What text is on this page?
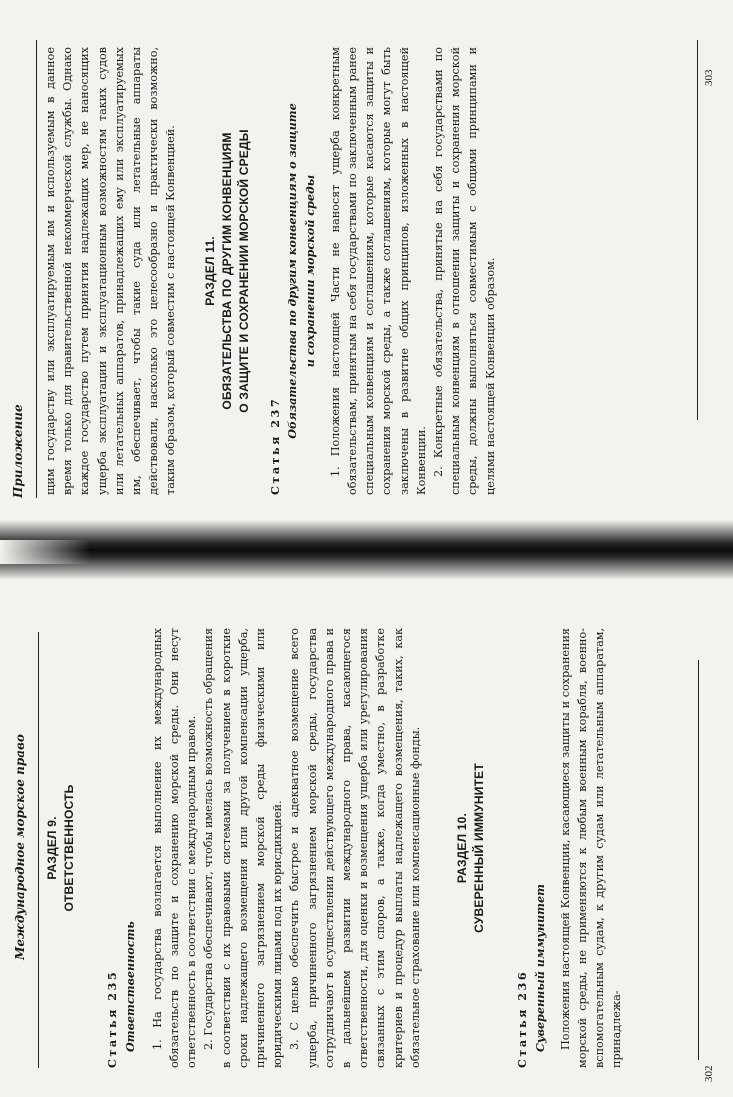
Приложение щим государству или эксплуатируемым им и используемым в данное время только для правительственной некоммерческой службы. Однако каждое государство путем принятия надлежащих мер, не наносящих ущерба эксплуатации и эксплуатационным возможностям таких судов или летательных аппаратов, принадлежащих ему или эксплуатируемых им, обеспечивает, чтобы такие суда или летательные аппараты действовали, насколько это целесообразно и практически возможно, таким образом, который совместим с настоящей Конвенцией. РАЗДЕЛ 11. ОБЯЗАТЕЛЬСТВА ПО ДРУГИМ КОНВЕНЦИЯМ О ЗАЩИТЕ И СОХРАНЕНИИ МОРСКОЙ СРЕДЫ

Статья 237

Обязательства по другим конвенциям о защите и сохранении морской среды 1. Положения настоящей Части не наносят ущерба конкретным обязательствам, принятым на себя государствами по заключенным ранее специальным конвенциям и соглашениям, которые касаются защиты и сохранения морской среды, а также соглашениям, которые могут быть заключены в развитие общих принципов, изложенных в настоящей Конвенции. 2. Конкретные обязательства, принятые на себя государствами по специальным конвенциям в отношении защиты и сохранения морской среды, должны выполняться совместимым с общими принципами и целями настоящей Конвенции образом.

303
Международное морское право РАЗДЕЛ 9. ОТВЕТСТВЕННОСТЬ

Статья 235 Ответственность 1. На государства возлагается выполнение их международных обязательств по защите и сохранению морской среды. Они несут ответственность в соответствии с международным правом. 2. Государства обеспечивают, чтобы имелась возможность обращения в соответствии с их правовыми системами за получением в короткие сроки надлежащего возмещения или другой компенсации ущерба, причиненного загрязнением морской среды физическими или юридическими лицами под их юрисдикцией. 3. С целью обеспечить быстрое и адекватное возмещение всего ущерба, причиненного загрязнением морской среды, государства сотрудничают в осуществлении действующего международного права и в дальнейшем развитии международного права, касающегося ответственности, для оценки и возмещения ущерба или урегулирования связанных с этим споров, а также, когда уместно, в разработке критериев и процедур выплаты надлежащего возмещения, таких, как обязательное страхование или компенсационные фонды.	РАЗДЕЛ 10. СУВЕРЕННЫЙ ИММУНИТЕТ

Статья 236 Суверенный иммунитет Положения настоящей Конвенции, касающиеся защиты и сохранения морской среды, не применяются к любым военным корабля, военно-вспомогательным судам, к другим судам или летательным аппаратам, принадлежа-

302
